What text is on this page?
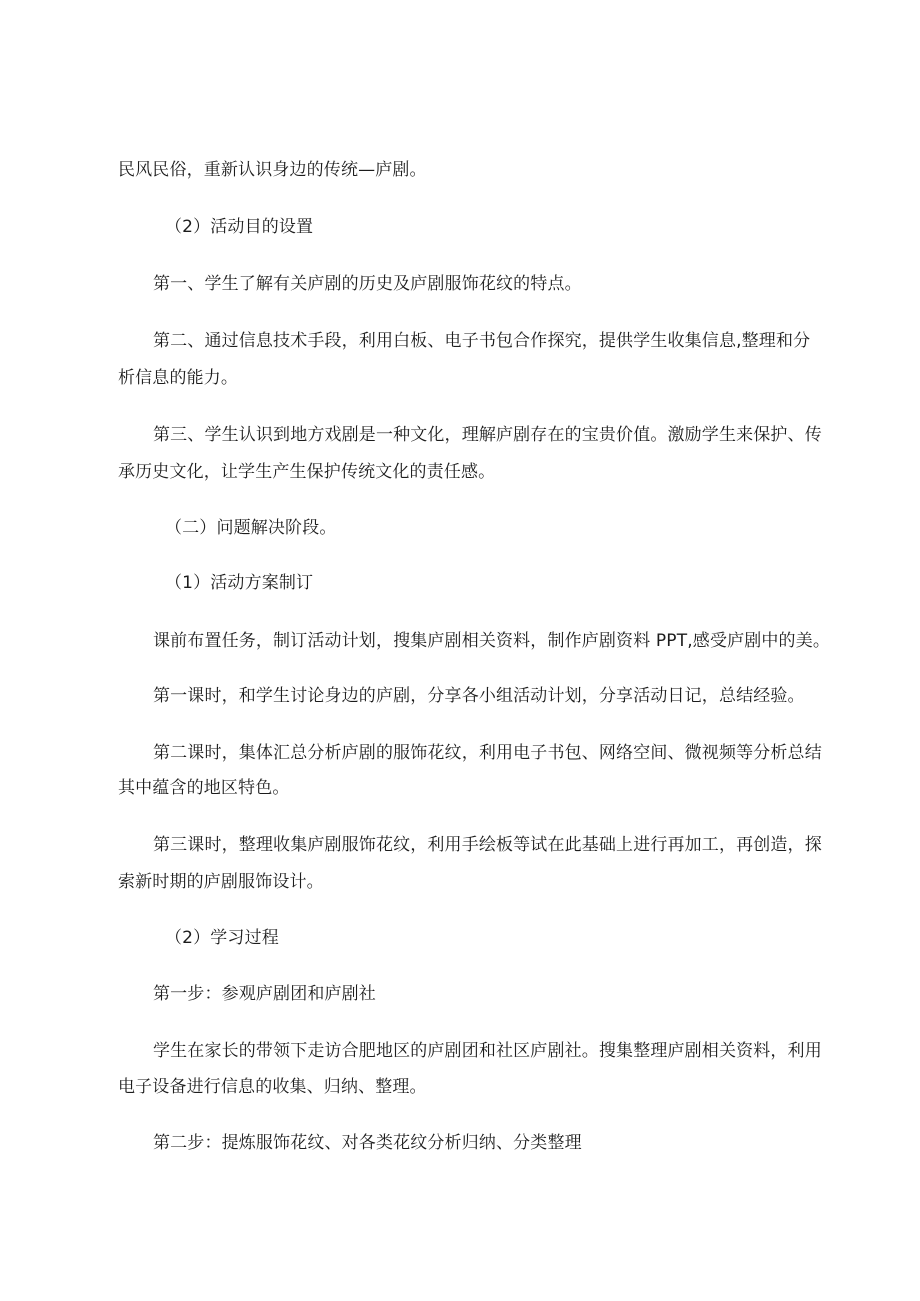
民风民俗，重新认识身边的传统—庐剧。
（2）活动目的设置
第一、学生了解有关庐剧的历史及庐剧服饰花纹的特点。
第二、通过信息技术手段，利用白板、电子书包合作探究，提供学生收集信息,整理和分
析信息的能力。
第三、学生认识到地方戏剧是一种文化，理解庐剧存在的宝贵价值。激励学生来保护、传
承历史文化，让学生产生保护传统文化的责任感。
（二）问题解决阶段。
（1）活动方案制订
课前布置任务，制订活动计划，搜集庐剧相关资料，制作庐剧资料 PPT,感受庐剧中的美。
第一课时，和学生讨论身边的庐剧，分享各小组活动计划，分享活动日记，总结经验。
第二课时，集体汇总分析庐剧的服饰花纹，利用电子书包、网络空间、微视频等分析总结
其中蕴含的地区特色。
第三课时，整理收集庐剧服饰花纹，利用手绘板等试在此基础上进行再加工，再创造，探
索新时期的庐剧服饰设计。
（2）学习过程
第一步：参观庐剧团和庐剧社
学生在家长的带领下走访合肥地区的庐剧团和社区庐剧社。搜集整理庐剧相关资料，利用
电子设备进行信息的收集、归纳、整理。
第二步：提炼服饰花纹、对各类花纹分析归纳、分类整理
